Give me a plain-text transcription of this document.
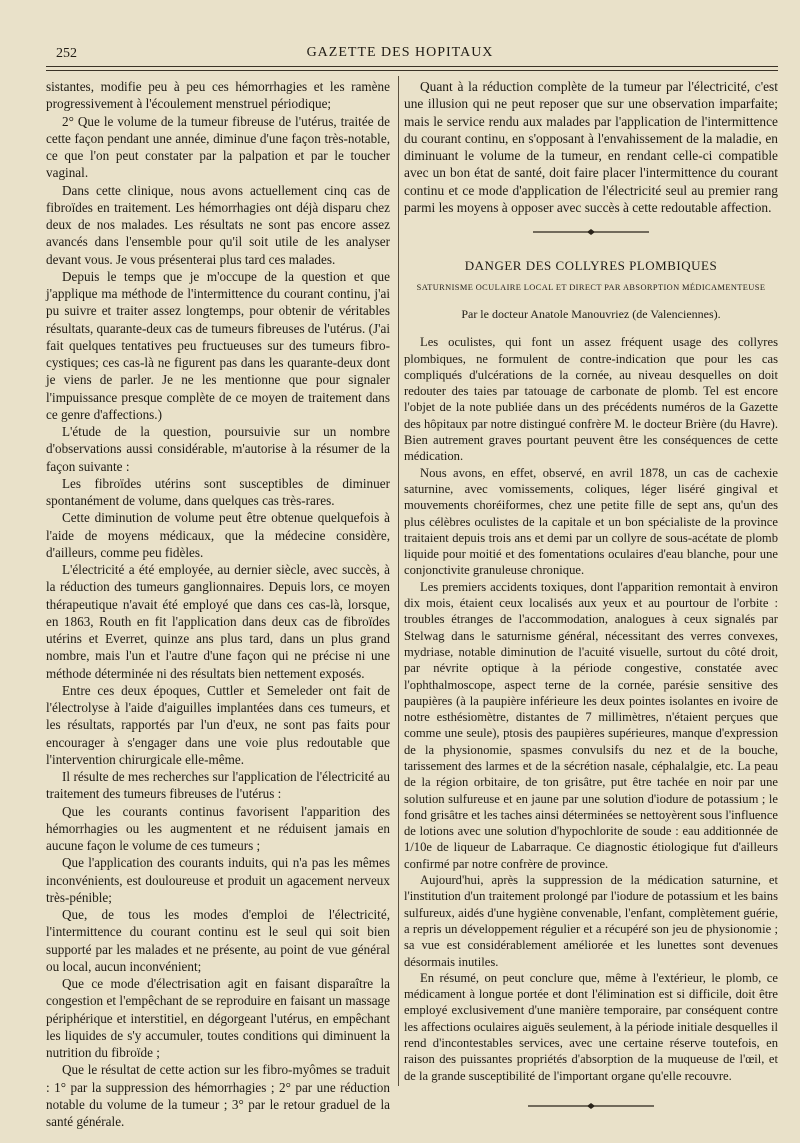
252	GAZETTE DES HOPITAUX

sistantes, modifie peu à peu ces hémorrhagies et les ramène progressivement à l'écoulement menstruel périodique;

2° Que le volume de la tumeur fibreuse de l'utérus, traitée de cette façon pendant une année, diminue d'une façon très-notable, ce que l'on peut constater par la palpation et par le toucher vaginal.

Dans cette clinique, nous avons actuellement cinq cas de fibroïdes en traitement. Les hémorrhagies ont déjà disparu chez deux de nos malades. Les résultats ne sont pas encore assez avancés dans l'ensemble pour qu'il soit utile de les analyser devant vous. Je vous présenterai plus tard ces malades.

Depuis le temps que je m'occupe de la question et que j'applique ma méthode de l'intermittence du courant continu, j'ai pu suivre et traiter assez longtemps, pour obtenir de véritables résultats, quarante-deux cas de tumeurs fibreuses de l'utérus. (J'ai fait quelques tentatives peu fructueuses sur des tumeurs fibro-cystiques; ces cas-là ne figurent pas dans les quarante-deux dont je viens de parler. Je ne les mentionne que pour signaler l'impuissance presque complète de ce moyen de traitement dans ce genre d'affections.)

L'étude de la question, poursuivie sur un nombre d'observations aussi considérable, m'autorise à la résumer de la façon suivante :

Les fibroïdes utérins sont susceptibles de diminuer spontanément de volume, dans quelques cas très-rares.

Cette diminution de volume peut être obtenue quelquefois à l'aide de moyens médicaux, que la médecine considère, d'ailleurs, comme peu fidèles.

L'électricité a été employée, au dernier siècle, avec succès, à la réduction des tumeurs ganglionnaires. Depuis lors, ce moyen thérapeutique n'avait été employé que dans ces cas-là, lorsque, en 1863, Routh en fit l'application dans deux cas de fibroïdes utérins et Everret, quinze ans plus tard, dans un plus grand nombre, mais l'un et l'autre d'une façon qui ne précise ni une méthode déterminée ni des résultats bien nettement exposés.

Entre ces deux époques, Cuttler et Semeleder ont fait de l'électrolyse à l'aide d'aiguilles implantées dans ces tumeurs, et les résultats, rapportés par l'un d'eux, ne sont pas faits pour encourager à s'engager dans une voie plus redoutable que l'intervention chirurgicale elle-même.

Il résulte de mes recherches sur l'application de l'électricité au traitement des tumeurs fibreuses de l'utérus :

Que les courants continus favorisent l'apparition des hémorrhagies ou les augmentent et ne réduisent jamais en aucune façon le volume de ces tumeurs ;

Que l'application des courants induits, qui n'a pas les mêmes inconvénients, est douloureuse et produit un agacement nerveux très-pénible;

Que, de tous les modes d'emploi de l'électricité, l'intermittence du courant continu est le seul qui soit bien supporté par les malades et ne présente, au point de vue général ou local, aucun inconvénient;

Que ce mode d'électrisation agit en faisant disparaître la congestion et l'empêchant de se reproduire en faisant un massage périphérique et interstitiel, en dégorgeant l'utérus, en empêchant les liquides de s'y accumuler, toutes conditions qui diminuent la nutrition du fibroïde ;

Que le résultat de cette action sur les fibro-myômes se traduit : 1° par la suppression des hémorrhagies ; 2° par une réduction notable du volume de la tumeur ; 3° par le retour graduel de la santé générale.

Quant à la réduction complète de la tumeur par l'électricité, c'est une illusion qui ne peut reposer que sur une observation imparfaite; mais le service rendu aux malades par l'application de l'intermittence du courant continu, en s'opposant à l'envahissement de la maladie, en diminuant le volume de la tumeur, en rendant celle-ci compatible avec un bon état de santé, doit faire placer l'intermittence du courant continu et ce mode d'application de l'électricité seul au premier rang parmi les moyens à opposer avec succès à cette redoutable affection.

DANGER DES COLLYRES PLOMBIQUES
SATURNISME OCULAIRE LOCAL ET DIRECT PAR ABSORPTION MÉDICAMENTEUSE
Par le docteur Anatole Manouvriez (de Valenciennes).

Les oculistes, qui font un assez fréquent usage des collyres plombiques, ne formulent de contre-indication que pour les cas compliqués d'ulcérations de la cornée, au niveau desquelles on doit redouter des taies par tatouage de carbonate de plomb. Tel est encore l'objet de la note publiée dans un des précédents numéros de la Gazette des hôpitaux par notre distingué confrère M. le docteur Brière (du Havre). Bien autrement graves pourtant peuvent être les conséquences de cette médication.

Nous avons, en effet, observé, en avril 1878, un cas de cachexie saturnine, avec vomissements, coliques, léger liséré gingival et mouvements choréiformes, chez une petite fille de sept ans, qu'un des plus célèbres oculistes de la capitale et un bon spécialiste de la province traitaient depuis trois ans et demi par un collyre de sous-acétate de plomb liquide pour moitié et des fomentations oculaires d'eau blanche, pour une conjonctivite granuleuse chronique.

Les premiers accidents toxiques, dont l'apparition remontait à environ dix mois, étaient ceux localisés aux yeux et au pourtour de l'orbite : troubles étranges de l'accommodation, analogues à ceux signalés par Stelwag dans le saturnisme général, nécessitant des verres convexes, mydriase, notable diminution de l'acuité visuelle, surtout du côté droit, par névrite optique à la période congestive, constatée avec l'ophthalmoscope, aspect terne de la cornée, parésie sensitive des paupières (à la paupière inférieure les deux pointes isolantes en ivoire de notre esthésiomètre, distantes de 7 millimètres, n'étaient perçues que comme une seule), ptosis des paupières supérieures, manque d'expression de la physionomie, spasmes convulsifs du nez et de la bouche, tarissement des larmes et de la sécrétion nasale, céphalalgie, etc. La peau de la région orbitaire, de ton grisâtre, put être tachée en noir par une solution sulfureuse et en jaune par une solution d'iodure de potassium ; le fond grisâtre et les taches ainsi déterminées se nettoyèrent sous l'influence de lotions avec une solution d'hypochlorite de soude : eau additionnée de 1/10e de liqueur de Labarraque. Ce diagnostic étiologique fut d'ailleurs confirmé par notre confrère de province.

Aujourd'hui, après la suppression de la médication saturnine, et l'institution d'un traitement prolongé par l'iodure de potassium et les bains sulfureux, aidés d'une hygiène convenable, l'enfant, complètement guérie, a repris un développement régulier et a récupéré son jeu de physionomie ; sa vue est considérablement améliorée et les lunettes sont devenues désormais inutiles.

En résumé, on peut conclure que, même à l'extérieur, le plomb, ce médicament à longue portée et dont l'élimination est si difficile, doit être employé exclusivement d'une manière temporaire, par conséquent contre les affections oculaires aiguës seulement, à la période initiale desquelles il rend d'incontestables services, avec une certaine réserve toutefois, en raison des puissantes propriétés d'absorption de la muqueuse de l'œil, et de la grande susceptibilité de l'important organe qu'elle recouvre.
